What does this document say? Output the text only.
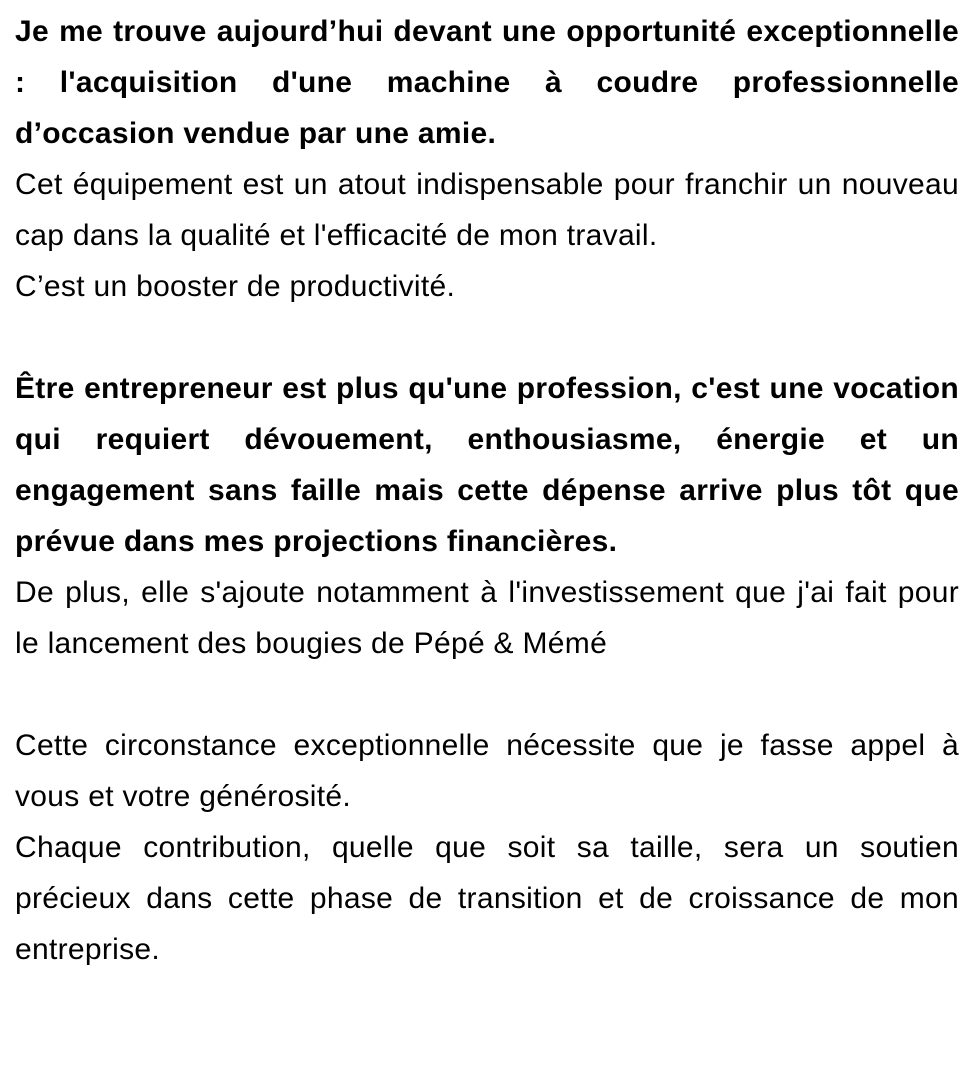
Je me trouve aujourd’hui devant une opportunité exceptionnelle : l'acquisition d'une machine à coudre professionnelle d’occasion vendue par une amie.

Cet équipement est un atout indispensable pour franchir un nouveau cap dans la qualité et l'efficacité de mon travail.

C’est un booster de productivité.

Être entrepreneur est plus qu'une profession, c'est une vocation qui requiert dévouement, enthousiasme, énergie et un engagement sans faille mais cette dépense arrive plus tôt que prévue dans mes projections financières.

De plus, elle s'ajoute notamment à l'investissement que j'ai fait pour le lancement des bougies de Pépé & Mémé

Cette circonstance exceptionnelle nécessite que je fasse appel à vous et votre générosité.

Chaque contribution, quelle que soit sa taille, sera un soutien précieux dans cette phase de transition et de croissance de mon entreprise.
